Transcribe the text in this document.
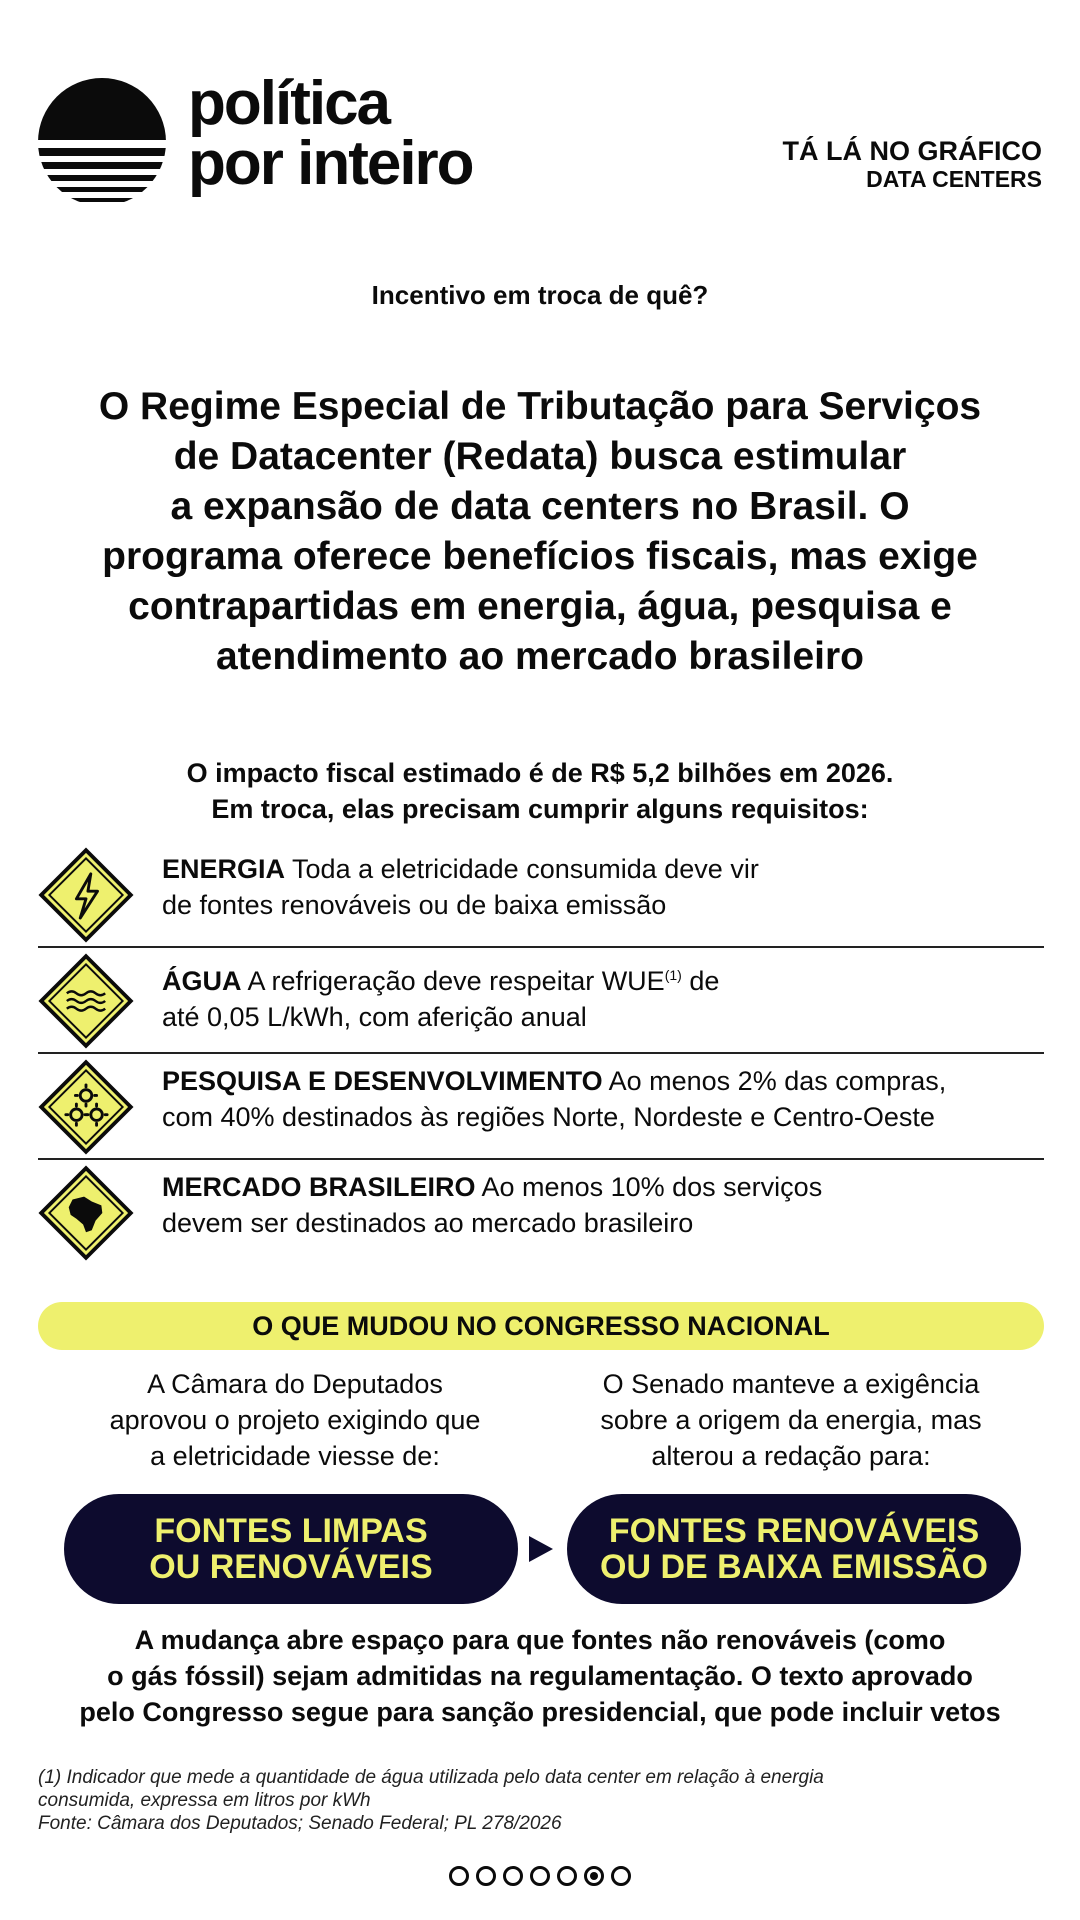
política
por inteiro	TÁ LÁ NO GRÁFICO
DATA CENTERS
Incentivo em troca de quê?
O Regime Especial de Tributação para Serviços
de Datacenter (Redata) busca estimular
a expansão de data centers no Brasil. O
programa oferece benefícios fiscais, mas exige
contrapartidas em energia, água, pesquisa e
atendimento ao mercado brasileiro
O impacto fiscal estimado é de R$ 5,2 bilhões em 2026.
Em troca, elas precisam cumprir alguns requisitos:
ENERGIA Toda a eletricidade consumida deve vir
de fontes renováveis ou de baixa emissão
ÁGUA A refrigeração deve respeitar WUE$^{(1)}$ de
até 0,05 L/kWh, com aferição anual
PESQUISA E DESENVOLVIMENTO Ao menos 2% das compras,
com 40% destinados às regiões Norte, Nordeste e Centro-Oeste
MERCADO BRASILEIRO Ao menos 10% dos serviços
devem ser destinados ao mercado brasileiro
O QUE MUDOU NO CONGRESSO NACIONAL
A Câmara do Deputados
aprovou o projeto exigindo que
a eletricidade viesse de:
O Senado manteve a exigência
sobre a origem da energia, mas
alterou a redação para:
FONTES LIMPAS
OU RENOVÁVEIS
FONTES RENOVÁVEIS
OU DE BAIXA EMISSÃO
A mudança abre espaço para que fontes não renováveis (como
o gás fóssil) sejam admitidas na regulamentação. O texto aprovado
pelo Congresso segue para sanção presidencial, que pode incluir vetos
(1) Indicador que mede a quantidade de água utilizada pelo data center em relação à energia
consumida, expressa em litros por kWh
Fonte: Câmara dos Deputados; Senado Federal; PL 278/2026
